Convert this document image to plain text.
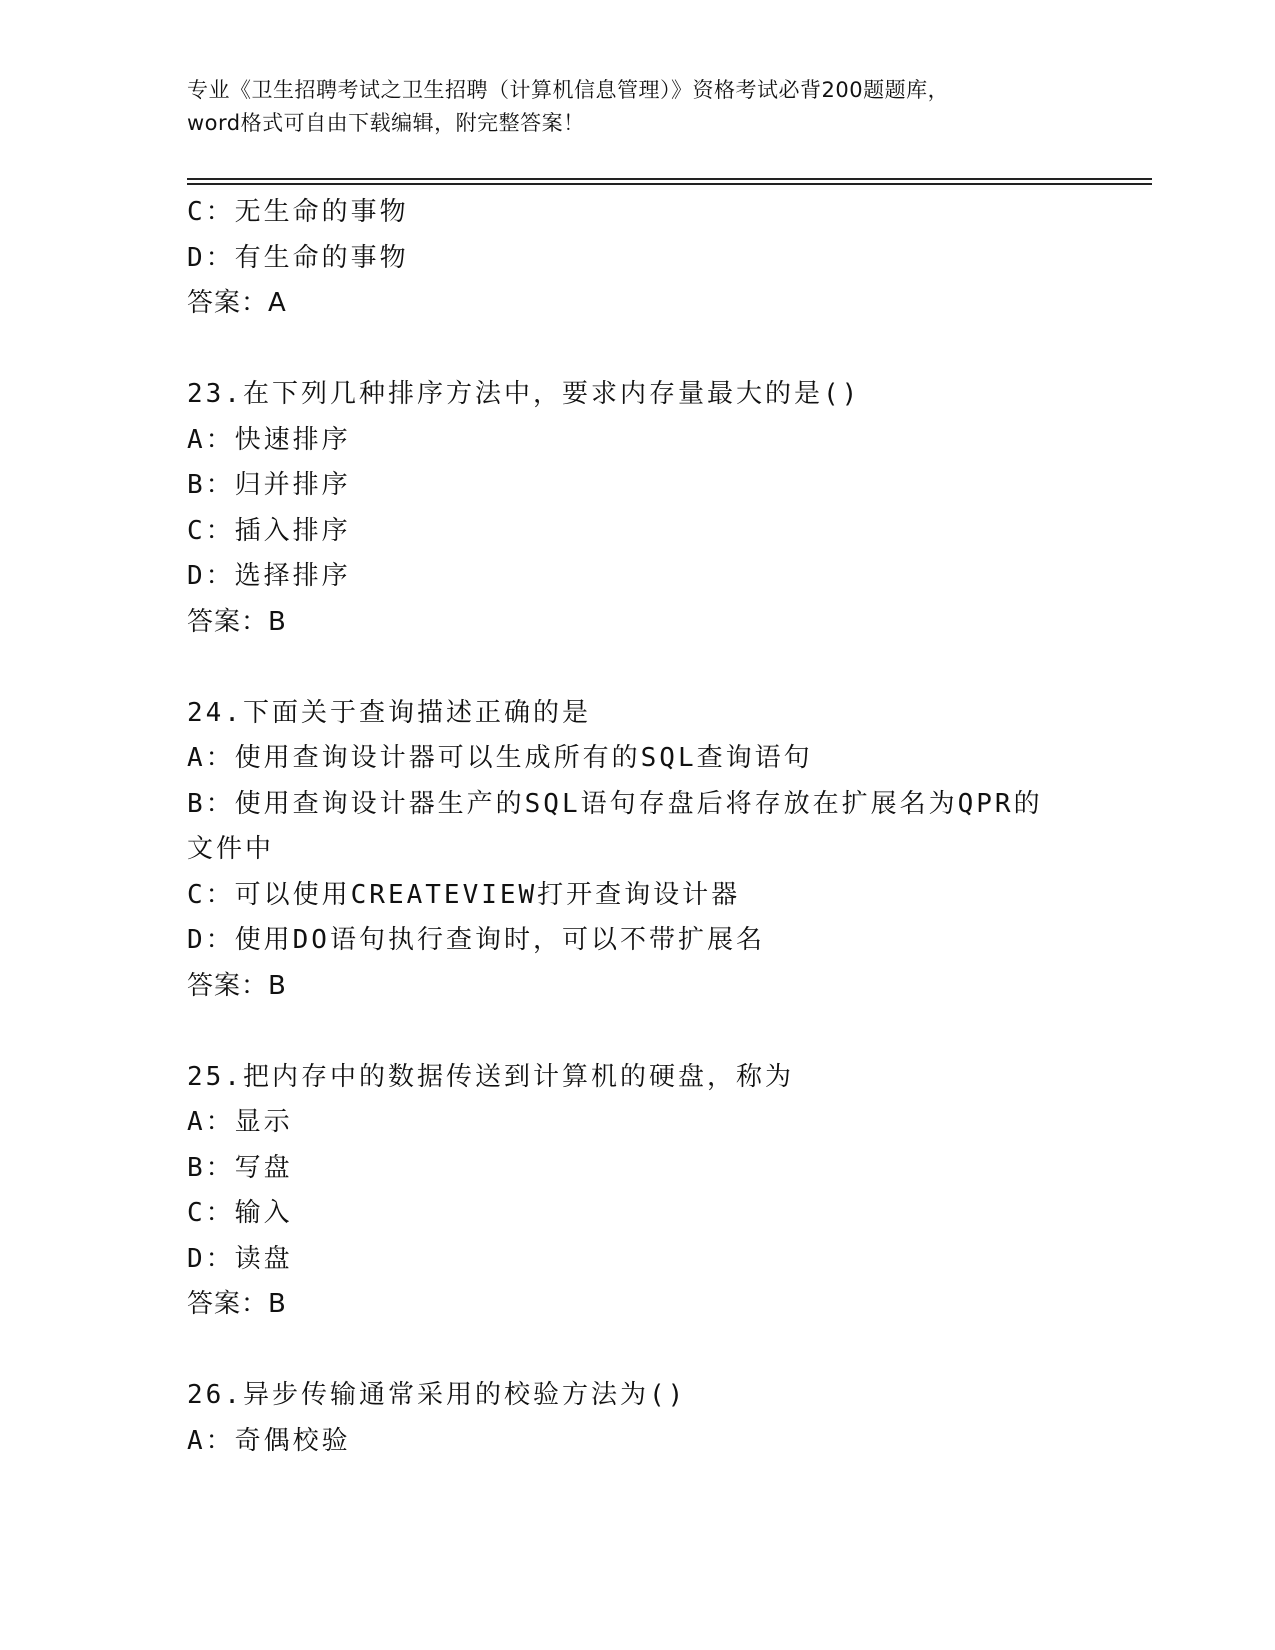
专业《卫生招聘考试之卫生招聘（计算机信息管理）》资格考试必背200题题库，
word格式可自由下载编辑，附完整答案！
C：无生命的事物
D：有生命的事物
答案：A
23.在下列几种排序方法中，要求内存量最大的是()
A：快速排序
B：归并排序
C：插入排序
D：选择排序
答案：B
24.下面关于查询描述正确的是
A：使用查询设计器可以生成所有的SQL查询语句
B：使用查询设计器生产的SQL语句存盘后将存放在扩展名为QPR的文件中
C：可以使用CREATEVIEW打开查询设计器
D：使用DO语句执行查询时，可以不带扩展名
答案：B
25.把内存中的数据传送到计算机的硬盘，称为
A：显示
B：写盘
C：输入
D：读盘
答案：B
26.异步传输通常采用的校验方法为()
A：奇偶校验
